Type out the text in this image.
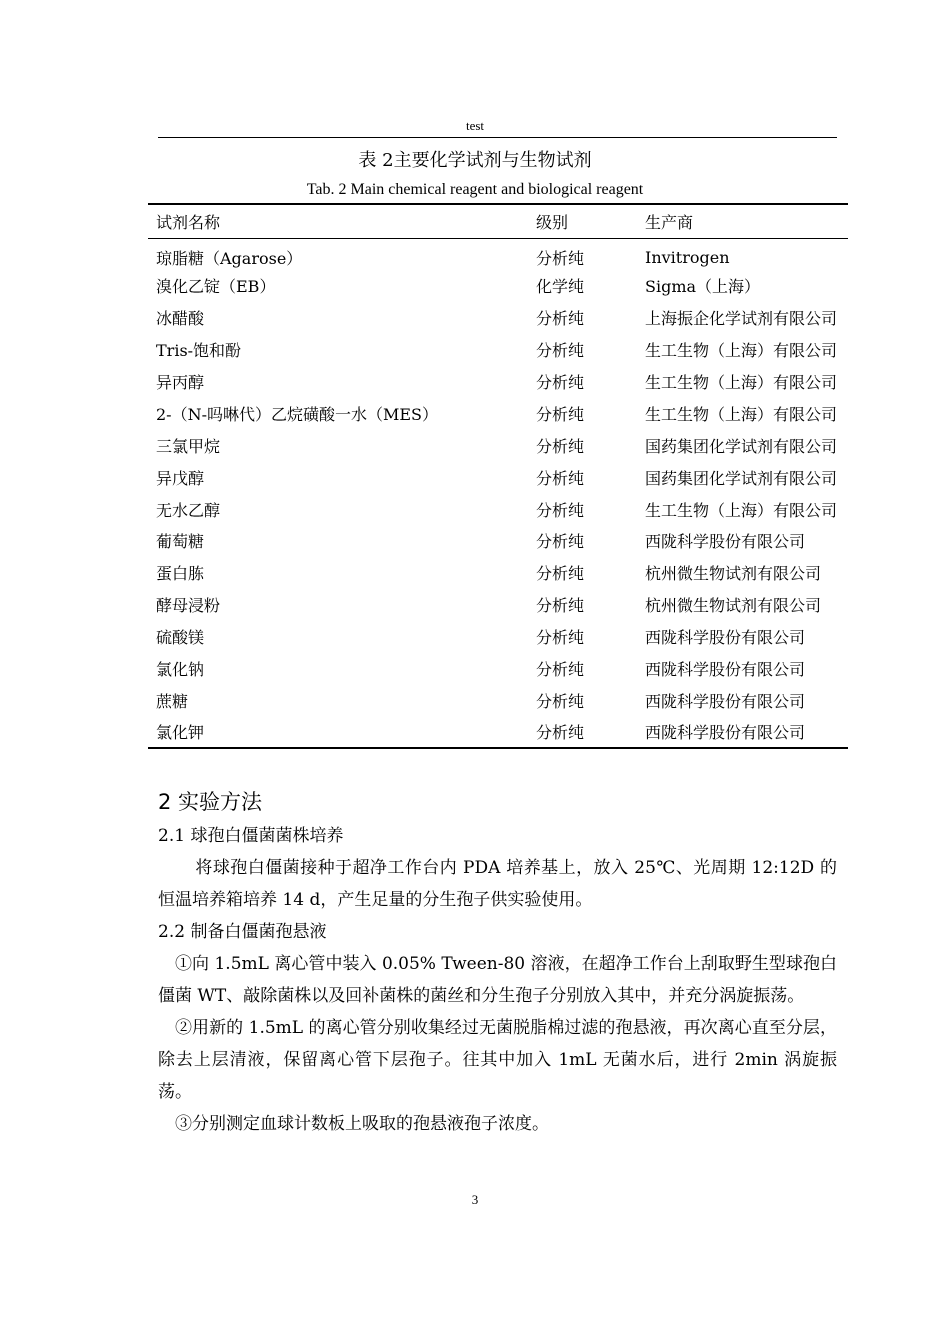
test
表 2主要化学试剂与生物试剂
Tab. 2 Main chemical reagent and biological reagent
试剂名称	级别	生产商
琼脂糖（Agarose）	分析纯	Invitrogen
溴化乙锭（EB）	化学纯	Sigma（上海）
冰醋酸	分析纯	上海振企化学试剂有限公司
Tris-饱和酚	分析纯	生工生物（上海）有限公司
异丙醇	分析纯	生工生物（上海）有限公司
2-（N-吗啉代）乙烷磺酸一水（MES）	分析纯	生工生物（上海）有限公司
三氯甲烷	分析纯	国药集团化学试剂有限公司
异戊醇	分析纯	国药集团化学试剂有限公司
无水乙醇	分析纯	生工生物（上海）有限公司
葡萄糖	分析纯	西陇科学股份有限公司
蛋白胨	分析纯	杭州微生物试剂有限公司
酵母浸粉	分析纯	杭州微生物试剂有限公司
硫酸镁	分析纯	西陇科学股份有限公司
氯化钠	分析纯	西陇科学股份有限公司
蔗糖	分析纯	西陇科学股份有限公司
氯化钾	分析纯	西陇科学股份有限公司
2 实验方法

2.1 球孢白僵菌菌株培养

将球孢白僵菌接种于超净工作台内 PDA 培养基上，放入 25℃、光周期 12:12D 的恒温培养箱培养 14 d，产生足量的分生孢子供实验使用。

2.2 制备白僵菌孢悬液

①向 1.5mL 离心管中装入 0.05% Tween-80 溶液，在超净工作台上刮取野生型球孢白僵菌 WT、敲除菌株以及回补菌株的菌丝和分生孢子分别放入其中，并充分涡旋振荡。

②用新的 1.5mL 的离心管分别收集经过无菌脱脂棉过滤的孢悬液，再次离心直至分层，除去上层清液，保留离心管下层孢子。往其中加入 1mL 无菌水后，进行 2min 涡旋振荡。

③分别测定血球计数板上吸取的孢悬液孢子浓度。

3
